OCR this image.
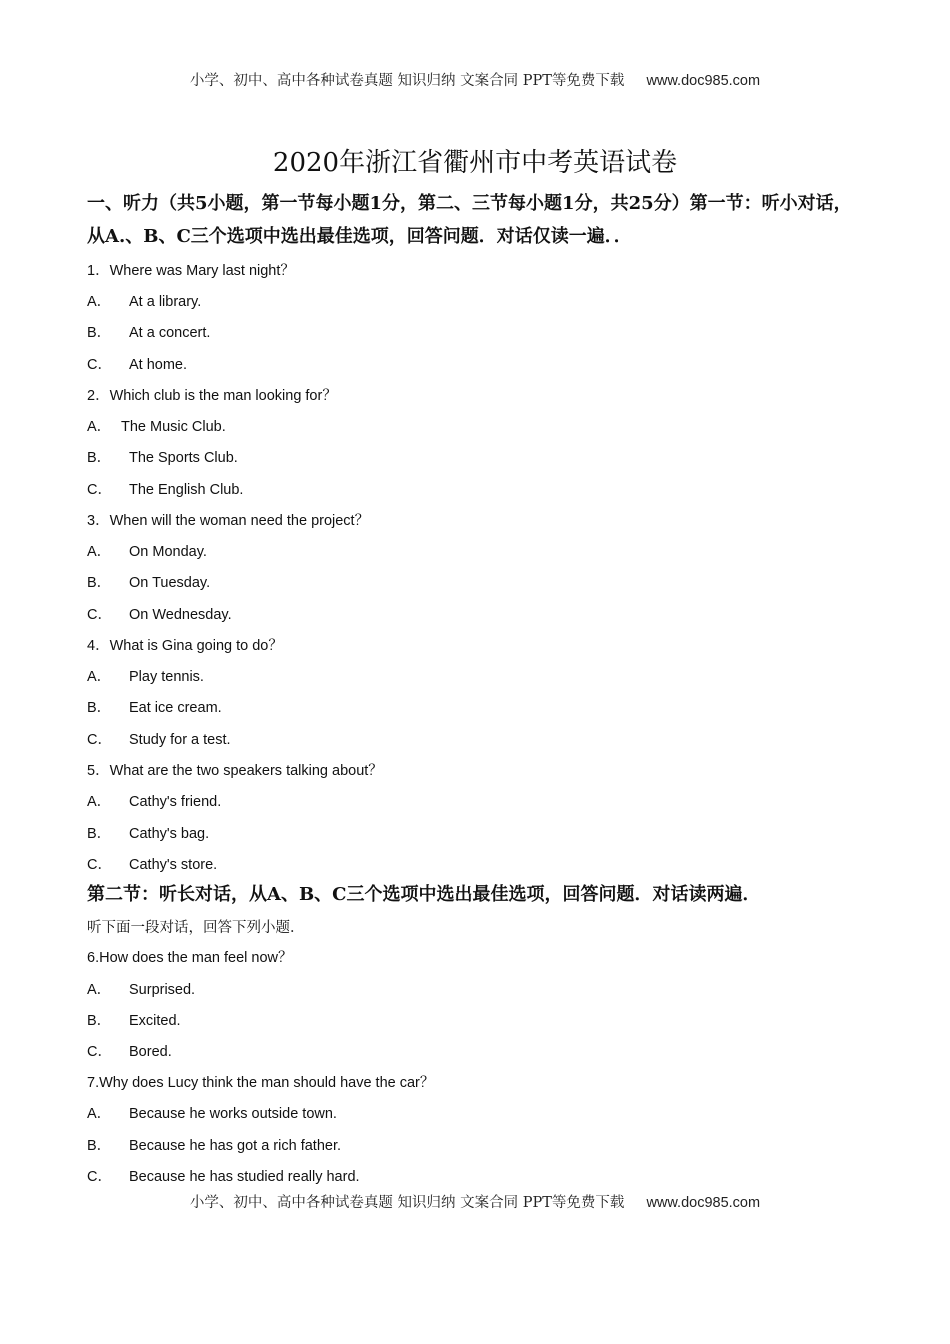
小学、初中、高中各种试卷真题 知识归纳 文案合同 PPT等免费下载 www.doc985.com
2020年浙江省衢州市中考英语试卷
一、听力（共5小题，第一节每小题1分，第二、三节每小题1分，共25分）第一节：听小对话，从A.、B、C三个选项中选出最佳选项，回答问题．对话仅读一遍．．
1．Where was Mary last night？
A． At a library.
B． At a concert.
C． At home.
2．Which club is the man looking for？
A． The Music Club.
B． The Sports Club.
C． The English Club.
3．When will the woman need the project？
A． On Monday.
B． On Tuesday.
C． On Wednesday.
4．What is Gina going to do？
A． Play tennis.
B． Eat ice cream.
C． Study for a test.
5．What are the two speakers talking about？
A． Cathy's friend.
B． Cathy's bag.
C． Cathy's store.
第二节：听长对话，从A、B、C三个选项中选出最佳选项，回答问题．对话读两遍．
听下面一段对话，回答下列小题．
6.How does the man feel now？
A． Surprised.
B． Excited.
C． Bored.
7.Why does Lucy think the man should have the car？
A． Because he works outside town.
B． Because he has got a rich father.
C． Because he has studied really hard.
小学、初中、高中各种试卷真题 知识归纳 文案合同 PPT等免费下载 www.doc985.com
